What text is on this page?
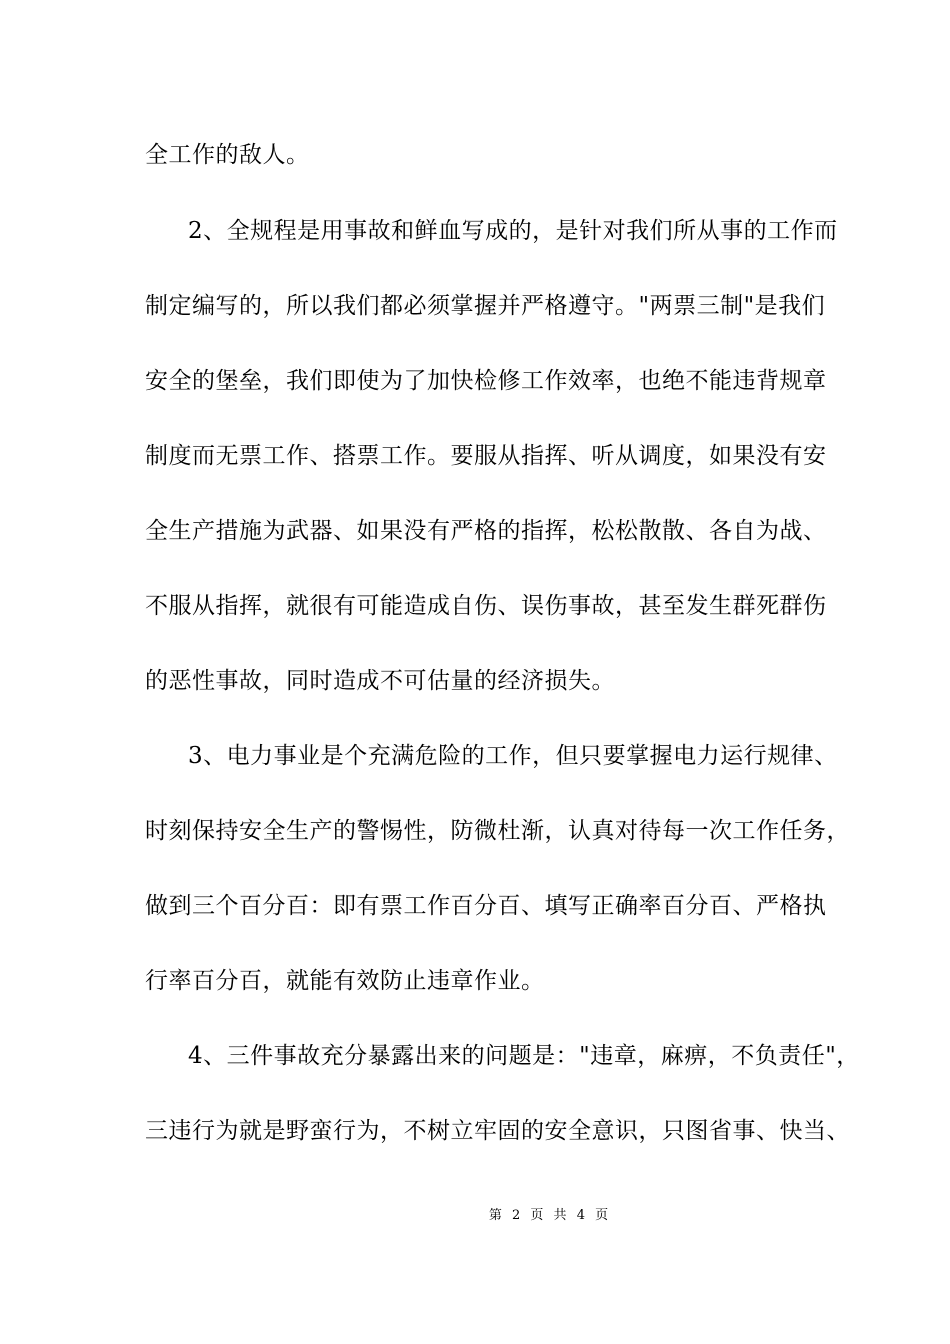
全工作的敌人。
2、全规程是用事故和鲜血写成的，是针对我们所从事的工作而
制定编写的，所以我们都必须掌握并严格遵守。"两票三制"是我们
安全的堡垒，我们即使为了加快检修工作效率，也绝不能违背规章
制度而无票工作、搭票工作。要服从指挥、听从调度，如果没有安
全生产措施为武器、如果没有严格的指挥，松松散散、各自为战、
不服从指挥，就很有可能造成自伤、误伤事故，甚至发生群死群伤
的恶性事故，同时造成不可估量的经济损失。
3、电力事业是个充满危险的工作，但只要掌握电力运行规律、
时刻保持安全生产的警惕性，防微杜渐，认真对待每一次工作任务，
做到三个百分百：即有票工作百分百、填写正确率百分百、严格执
行率百分百，就能有效防止违章作业。
4、三件事故充分暴露出来的问题是："违章，麻痹，不负责任"，
三违行为就是野蛮行为，不树立牢固的安全意识，只图省事、快当、
第 2 页 共 4 页
